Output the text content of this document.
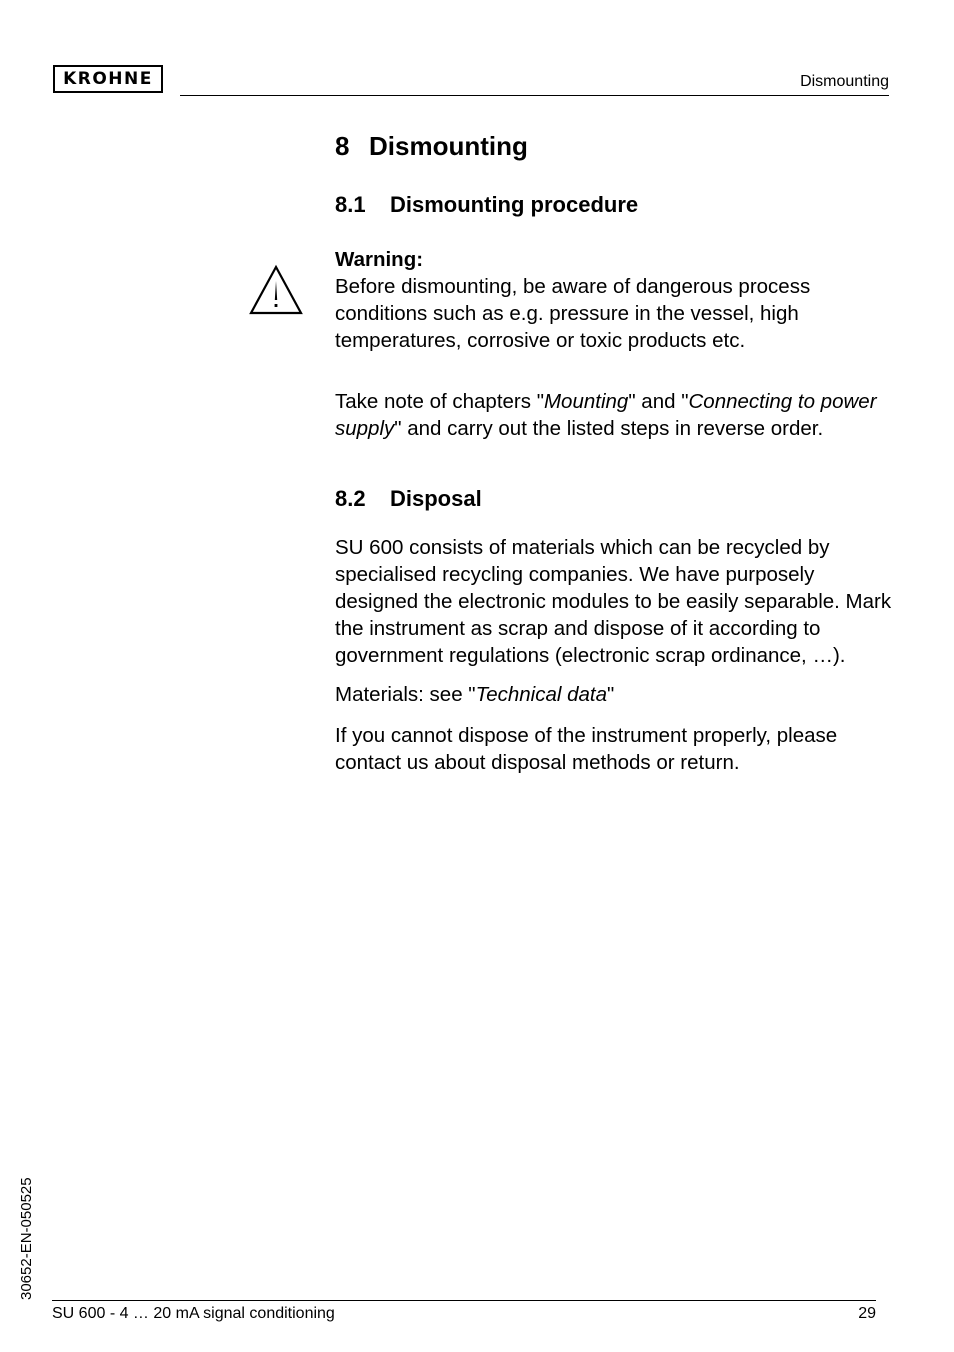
KROHNE	Dismounting
8 Dismounting
8.1 Dismounting procedure

Warning:
Before dismounting, be aware of dangerous process conditions such as e.g. pressure in the vessel, high temperatures, corrosive or toxic products etc.

Take note of chapters "Mounting" and "Connecting to power supply" and carry out the listed steps in reverse order.

8.2 Disposal

SU 600 consists of materials which can be recycled by specialised recycling companies. We have purposely designed the electronic modules to be easily separable. Mark the instrument as scrap and dispose of it according to government regulations (electronic scrap ordinance, …).

Materials: see "Technical data"

If you cannot dispose of the instrument properly, please contact us about disposal methods or return.

30652-EN-050525
SU 600 - 4 … 20 mA signal conditioning	29
